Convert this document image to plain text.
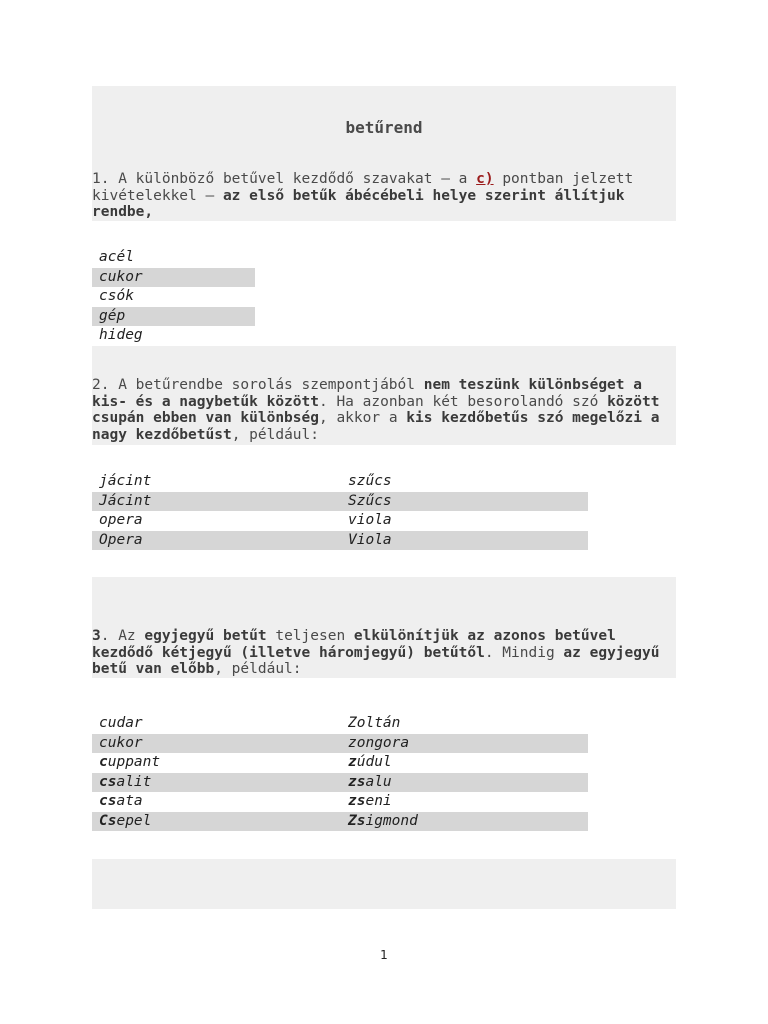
betűrend

1. A különböző betűvel kezdődő szavakat – a c) pontban jelzett kivételekkel – az első betűk ábécébeli helye szerint állítjuk rendbe,

acél
cukor
csók
gép
hideg

2. A betűrendbe sorolás szempontjából nem teszünk különbséget a kis- és a nagybetűk között. Ha azonban két besorolandó szó között csupán ebben van különbség, akkor a kis kezdőbetűs szó megelőzi a nagy kezdőbetűst, például:

jácint	szűcs
Jácint	Szűcs
opera	viola
Opera	Viola

3. Az egyjegyű betűt teljesen elkülönítjük az azonos betűvel kezdődő kétjegyű (illetve háromjegyű) betűtől. Mindig az egyjegyű betű van előbb, például:

cudar	Zoltán
cukor	zongora
cuppant	zúdul
csalit	zsalu
csata	zseni
Csepel	Zsigmond
1
